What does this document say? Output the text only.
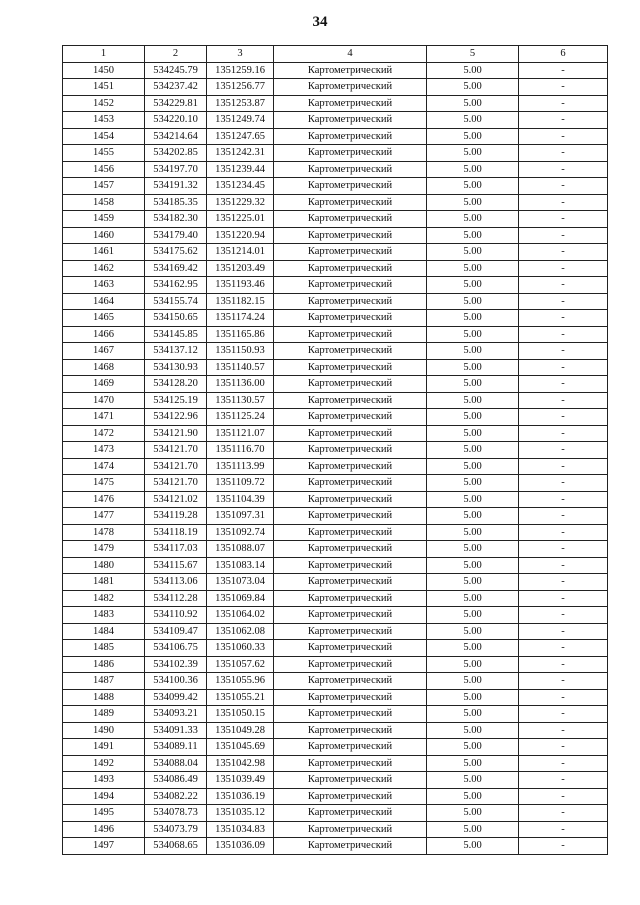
34
1	2	3	4	5	6
1450	534245.79	1351259.16	Картометрический	5.00	-
1451	534237.42	1351256.77	Картометрический	5.00	-
1452	534229.81	1351253.87	Картометрический	5.00	-
1453	534220.10	1351249.74	Картометрический	5.00	-
1454	534214.64	1351247.65	Картометрический	5.00	-
1455	534202.85	1351242.31	Картометрический	5.00	-
1456	534197.70	1351239.44	Картометрический	5.00	-
1457	534191.32	1351234.45	Картометрический	5.00	-
1458	534185.35	1351229.32	Картометрический	5.00	-
1459	534182.30	1351225.01	Картометрический	5.00	-
1460	534179.40	1351220.94	Картометрический	5.00	-
1461	534175.62	1351214.01	Картометрический	5.00	-
1462	534169.42	1351203.49	Картометрический	5.00	-
1463	534162.95	1351193.46	Картометрический	5.00	-
1464	534155.74	1351182.15	Картометрический	5.00	-
1465	534150.65	1351174.24	Картометрический	5.00	-
1466	534145.85	1351165.86	Картометрический	5.00	-
1467	534137.12	1351150.93	Картометрический	5.00	-
1468	534130.93	1351140.57	Картометрический	5.00	-
1469	534128.20	1351136.00	Картометрический	5.00	-
1470	534125.19	1351130.57	Картометрический	5.00	-
1471	534122.96	1351125.24	Картометрический	5.00	-
1472	534121.90	1351121.07	Картометрический	5.00	-
1473	534121.70	1351116.70	Картометрический	5.00	-
1474	534121.70	1351113.99	Картометрический	5.00	-
1475	534121.70	1351109.72	Картометрический	5.00	-
1476	534121.02	1351104.39	Картометрический	5.00	-
1477	534119.28	1351097.31	Картометрический	5.00	-
1478	534118.19	1351092.74	Картометрический	5.00	-
1479	534117.03	1351088.07	Картометрический	5.00	-
1480	534115.67	1351083.14	Картометрический	5.00	-
1481	534113.06	1351073.04	Картометрический	5.00	-
1482	534112.28	1351069.84	Картометрический	5.00	-
1483	534110.92	1351064.02	Картометрический	5.00	-
1484	534109.47	1351062.08	Картометрический	5.00	-
1485	534106.75	1351060.33	Картометрический	5.00	-
1486	534102.39	1351057.62	Картометрический	5.00	-
1487	534100.36	1351055.96	Картометрический	5.00	-
1488	534099.42	1351055.21	Картометрический	5.00	-
1489	534093.21	1351050.15	Картометрический	5.00	-
1490	534091.33	1351049.28	Картометрический	5.00	-
1491	534089.11	1351045.69	Картометрический	5.00	-
1492	534088.04	1351042.98	Картометрический	5.00	-
1493	534086.49	1351039.49	Картометрический	5.00	-
1494	534082.22	1351036.19	Картометрический	5.00	-
1495	534078.73	1351035.12	Картометрический	5.00	-
1496	534073.79	1351034.83	Картометрический	5.00	-
1497	534068.65	1351036.09	Картометрический	5.00	-
